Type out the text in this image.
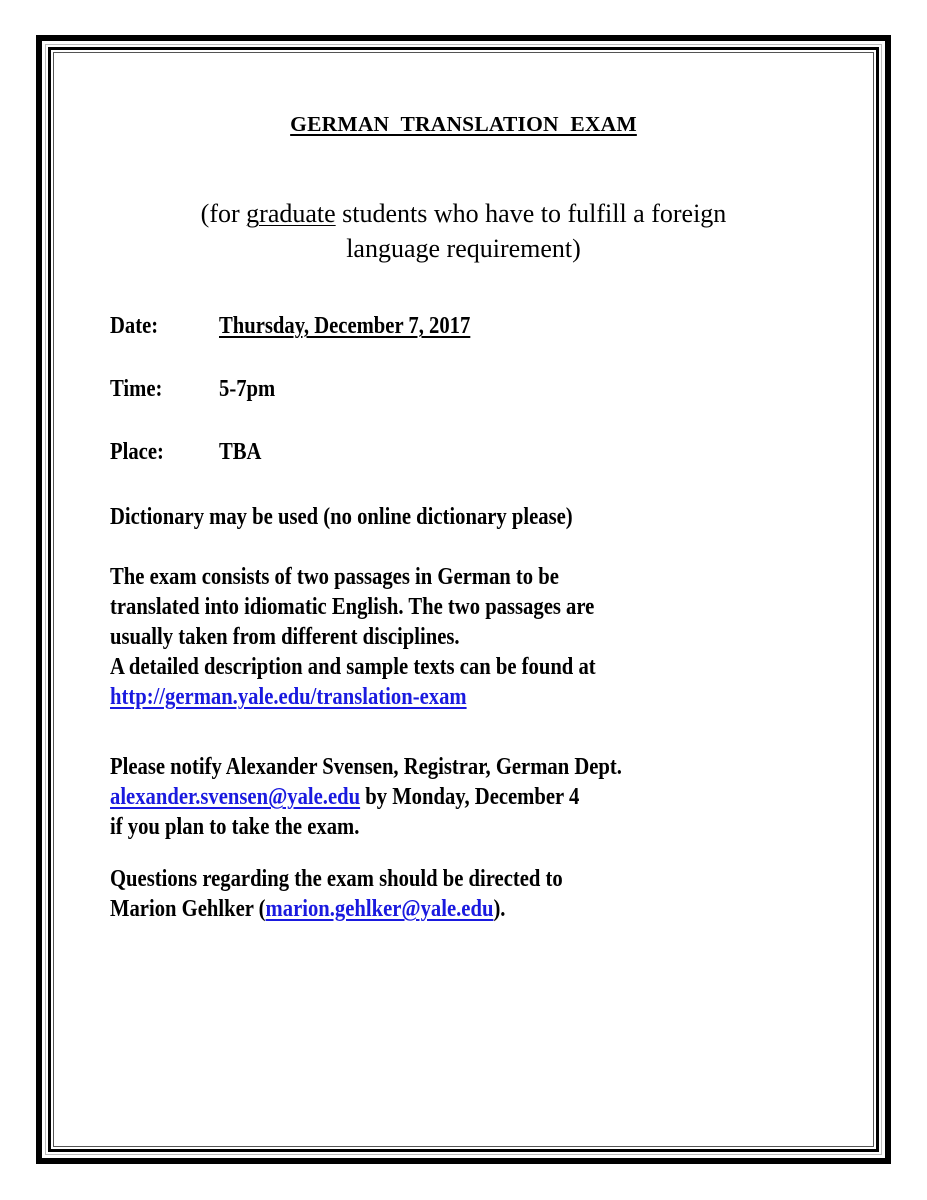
GERMAN TRANSLATION EXAM
(for graduate students who have to fulfill a foreign
language requirement)
Date:	Thursday, December 7, 2017
Time:	5-7pm
Place:	TBA
Dictionary may be used (no online dictionary please)
The exam consists of two passages in German to be
translated into idiomatic English. The two passages are
usually taken from different disciplines.
A detailed description and sample texts can be found at
http://german.yale.edu/translation-exam
Please notify Alexander Svensen, Registrar, German Dept.
alexander.svensen@yale.edu by Monday, December 4
if you plan to take the exam.
Questions regarding the exam should be directed to
Marion Gehlker (marion.gehlker@yale.edu).
